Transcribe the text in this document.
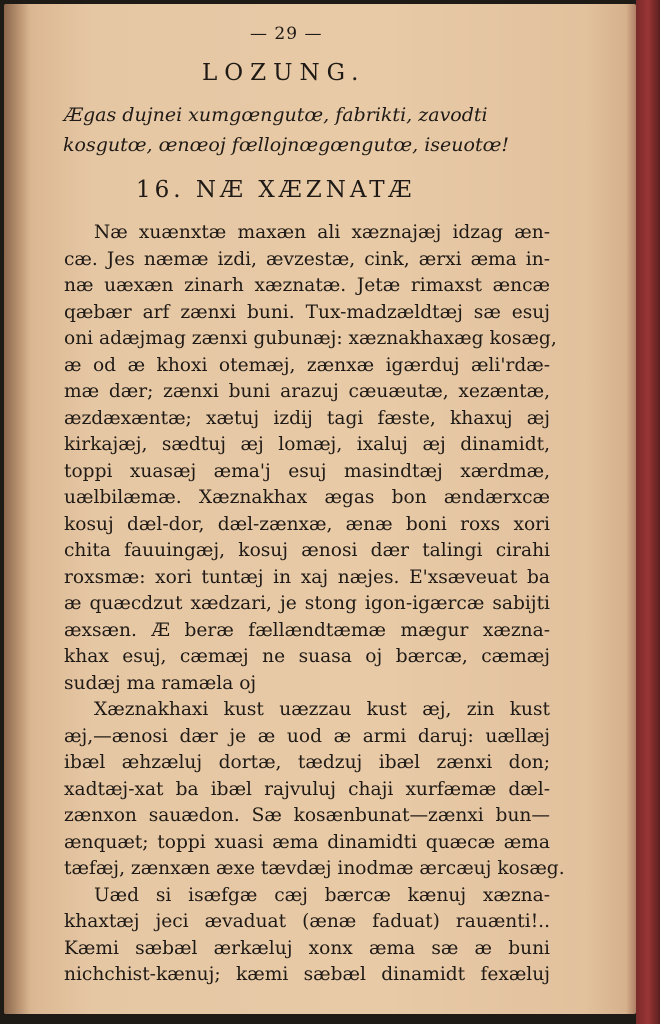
— 29 —
LOZUNG.
Ægas dujnei xumgœngutœ, fabrikti, zavodti
kosgutœ, œnœoj fœllojnœgœngutœ, iseuotœ!
16. NÆ XÆZNATÆ
Næ xuænxtæ maxæn ali xæznajæj idzag æn-
cæ. Jes næmæ izdi, ævzestæ, cink, ærxi æma in-
næ uæxæn zinarh xæznatæ. Jetæ rimaxst æncæ
qæbær arf zænxi buni. Tux-madzældtæj sæ esuj
oni adæjmag zænxi gubunæj: xæznakhaxæg kosæg,
æ od æ khoxi otemæj, zænxæ igærduj æli'rdæ-
mæ dær; zænxi buni arazuj cæuæutæ, xezæntæ,
æzdæxæntæ; xætuj izdij tagi fæste, khaxuj æj
kirkajæj, sædtuj æj lomæj, ixaluj æj dinamidt,
toppi xuasæj æma'j esuj masindtæj xærdmæ,
uælbilæmæ. Xæznakhax ægas bon ændærxcæ
kosuj dæl-dor, dæl-zænxæ, ænæ boni roxs xori
chita fauuingæj, kosuj ænosi dær talingi cirahi
roxsmæ: xori tuntæj in xaj næjes. E'xsæveuat ba
æ quæcdzut xædzari, je stong igon-igærcæ sabijti
æxsæn. Æ beræ fællændtæmæ mægur xæzna-
khax esuj, cæmæj ne suasa oj bærcæ, cæmæj
sudæj ma ramæla oj
Xæznakhaxi kust uæzzau kust æj, zin kust
æj,—ænosi dær je æ uod æ armi daruj: uællæj
ibæl æhzæluj dortæ, tædzuj ibæl zænxi don;
xadtæj-xat ba ibæl rajvuluj chaji xurfæmæ dæl-
zænxon sauædon. Sæ kosænbunat—zænxi bun—
ænquæt; toppi xuasi æma dinamidti quæcæ æma
tæfæj, zænxæn æxe tævdæj inodmæ ærcæuj kosæg.
Uæd si isæfgæ cæj bærcæ kænuj xæzna-
khaxtæj jeci ævaduat (ænæ faduat) rauænti!..
Kæmi sæbæl ærkæluj xonx æma sæ æ buni
nichchist-kænuj; kæmi sæbæl dinamidt fexæluj
